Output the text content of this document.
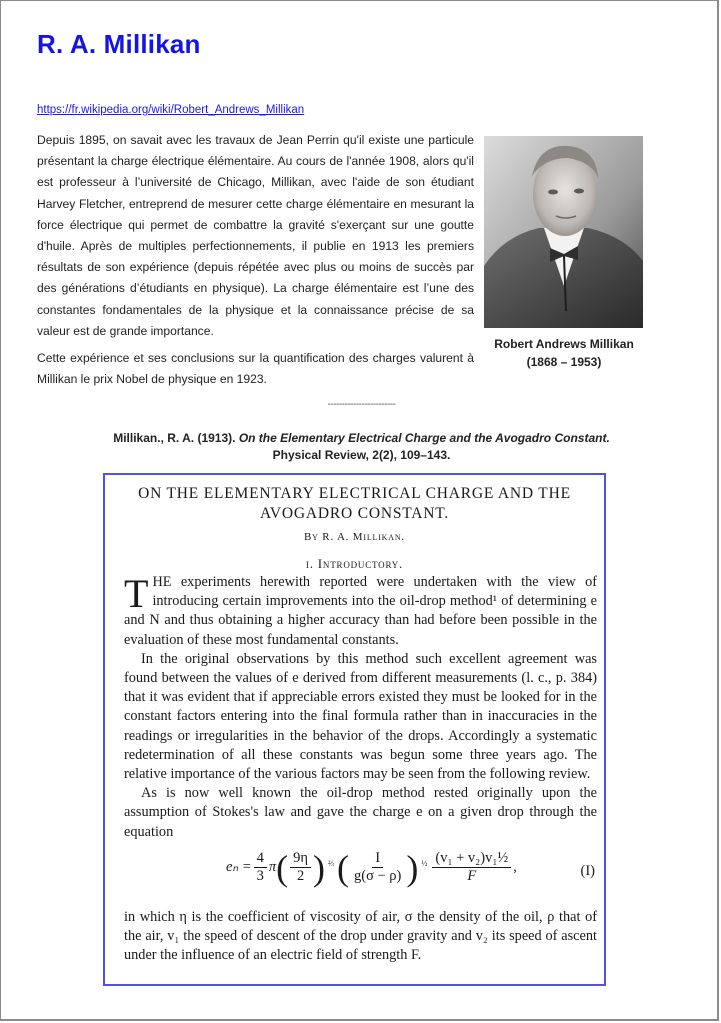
R. A. Millikan
https://fr.wikipedia.org/wiki/Robert_Andrews_Millikan

Depuis 1895, on savait avec les travaux de Jean Perrin qu'il existe une particule présentant la charge électrique élémentaire. Au cours de l'année 1908, alors qu'il est professeur à l’université de Chicago, Millikan, avec l'aide de son étudiant Harvey Fletcher, entreprend de mesurer cette charge élémentaire en mesurant la force électrique qui permet de combattre la gravité s'exerçant sur une goutte d'huile. Après de multiples perfectionnements, il publie en 1913 les premiers résultats de son expérience (depuis répétée avec plus ou moins de succès par des générations d’étudiants en physique). La charge élémentaire est l’une des constantes fondamentales de la physique et la connaissance précise de sa valeur est de grande importance.

Cette expérience et ses conclusions sur la quantification des charges valurent à Millikan le prix Nobel de physique en 1923.

Robert Andrews Millikan
(1868 – 1953)
------------------------
Millikan., R. A. (1913). On the Elementary Electrical Charge and the Avogadro Constant.
Physical Review, 2(2), 109–143.
ON THE ELEMENTARY ELECTRICAL CHARGE AND THE
AVOGADRO CONSTANT.
By R. A. Millikan.
i. Introductory.

THE experiments herewith reported were undertaken with the view of introducing certain improvements into the oil-drop method¹ of determining e and N and thus obtaining a higher accuracy than had before been possible in the evaluation of these most fundamental constants.

In the original observations by this method such excellent agreement was found between the values of e derived from different measurements (l. c., p. 384) that it was evident that if appreciable errors existed they must be looked for in the constant factors entering into the final formula rather than in inaccuracies in the readings or irregularities in the behavior of the drops. Accordingly a systematic redetermination of all these constants was begun some three years ago. The relative importance of the various factors may be seen from the following review.

As is now well known the oil-drop method rested originally upon the assumption of Stokes's law and gave the charge e on a given drop through the equation

$e_n = \frac{4}{3}$ π ( $\frac{9\eta}{2}$ ) ⅔ ( $\frac{I}{g(\sigma - \rho)}$ ) ½ $\frac{\text{(v₁ + v₂)v₁½}}{F}$ ,	(I)

in which η is the coefficient of viscosity of air, σ the density of the oil, ρ that of the air, v₁ the speed of descent of the drop under gravity and v₂ its speed of ascent under the influence of an electric field of strength F.
